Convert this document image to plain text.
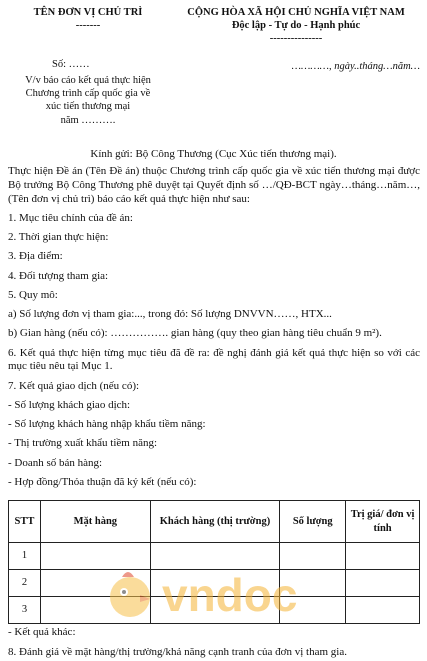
TÊN ĐƠN VỊ CHỦ TRÌ
-------
CỘNG HÒA XÃ HỘI CHỦ NGHĨA VIỆT NAM
Độc lập - Tự do - Hạnh phúc
---------------
Số: ……
V/v báo cáo kết quả thực hiện
Chương trình cấp quốc gia về
xúc tiến thương mại
năm ……….
…………, ngày..tháng…năm…
Kính gửi: Bộ Công Thương (Cục Xúc tiến thương mại).

Thực hiện Đề án (Tên Đề án) thuộc Chương trình cấp quốc gia về xúc tiến thương mại được Bộ trưởng Bộ Công Thương phê duyệt tại Quyết định số …/QĐ-BCT ngày…tháng…năm…, (Tên đơn vị chủ trì) báo cáo kết quả thực hiện như sau:

1. Mục tiêu chính của đề án:

2. Thời gian thực hiện:

3. Địa điểm:

4. Đối tượng tham gia:

5. Quy mô:

a) Số lượng đơn vị tham gia:..., trong đó: Số lượng DNVVN……, HTX...

b) Gian hàng (nếu có): ……………. gian hàng (quy theo gian hàng tiêu chuẩn 9 m²).

6. Kết quả thực hiện từng mục tiêu đã đề ra: đề nghị đánh giá kết quả thực hiện so với các mục tiêu nêu tại Mục 1.

7. Kết quả giao dịch (nếu có):

- Số lượng khách giao dịch:

- Số lượng khách hàng nhập khẩu tiềm năng:

- Thị trường xuất khẩu tiềm năng:

- Doanh số bán hàng:

- Hợp đồng/Thỏa thuận đã ký kết (nếu có):

STT	Mặt hàng	Khách hàng (thị trường)	Số lượng	Trị giá/ đơn vị tính
1				
2				
3					vndoc

- Kết quả khác:

8. Đánh giá về mặt hàng/thị trường/khả năng cạnh tranh của đơn vị tham gia.
